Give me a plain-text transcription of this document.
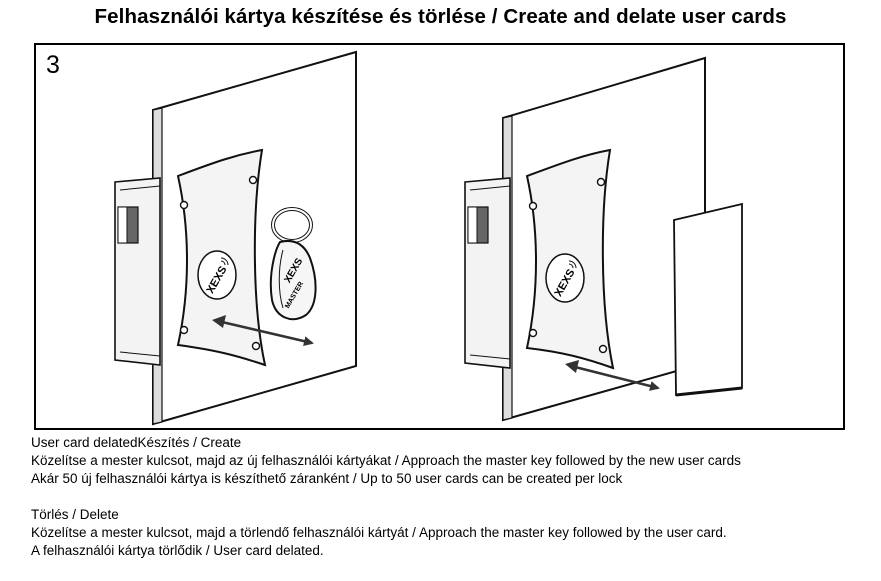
Felhasználói kártya készítése és törlése / Create and delate user cards
3
XEXS	XEXS
MASTER	XEXS

User card delatedKészítés / Create

Közelítse a mester kulcsot, majd az új felhasználói kártyákat / Approach the master key followed by the new user cards

Akár 50 új felhasználói kártya is készíthető záranként / Up to 50 user cards can be created per lock

Törlés / Delete

Közelítse a mester kulcsot, majd a törlendő felhasználói kártyát / Approach the master key followed by the user card.

A felhasználói kártya törlődik / User card delated.
